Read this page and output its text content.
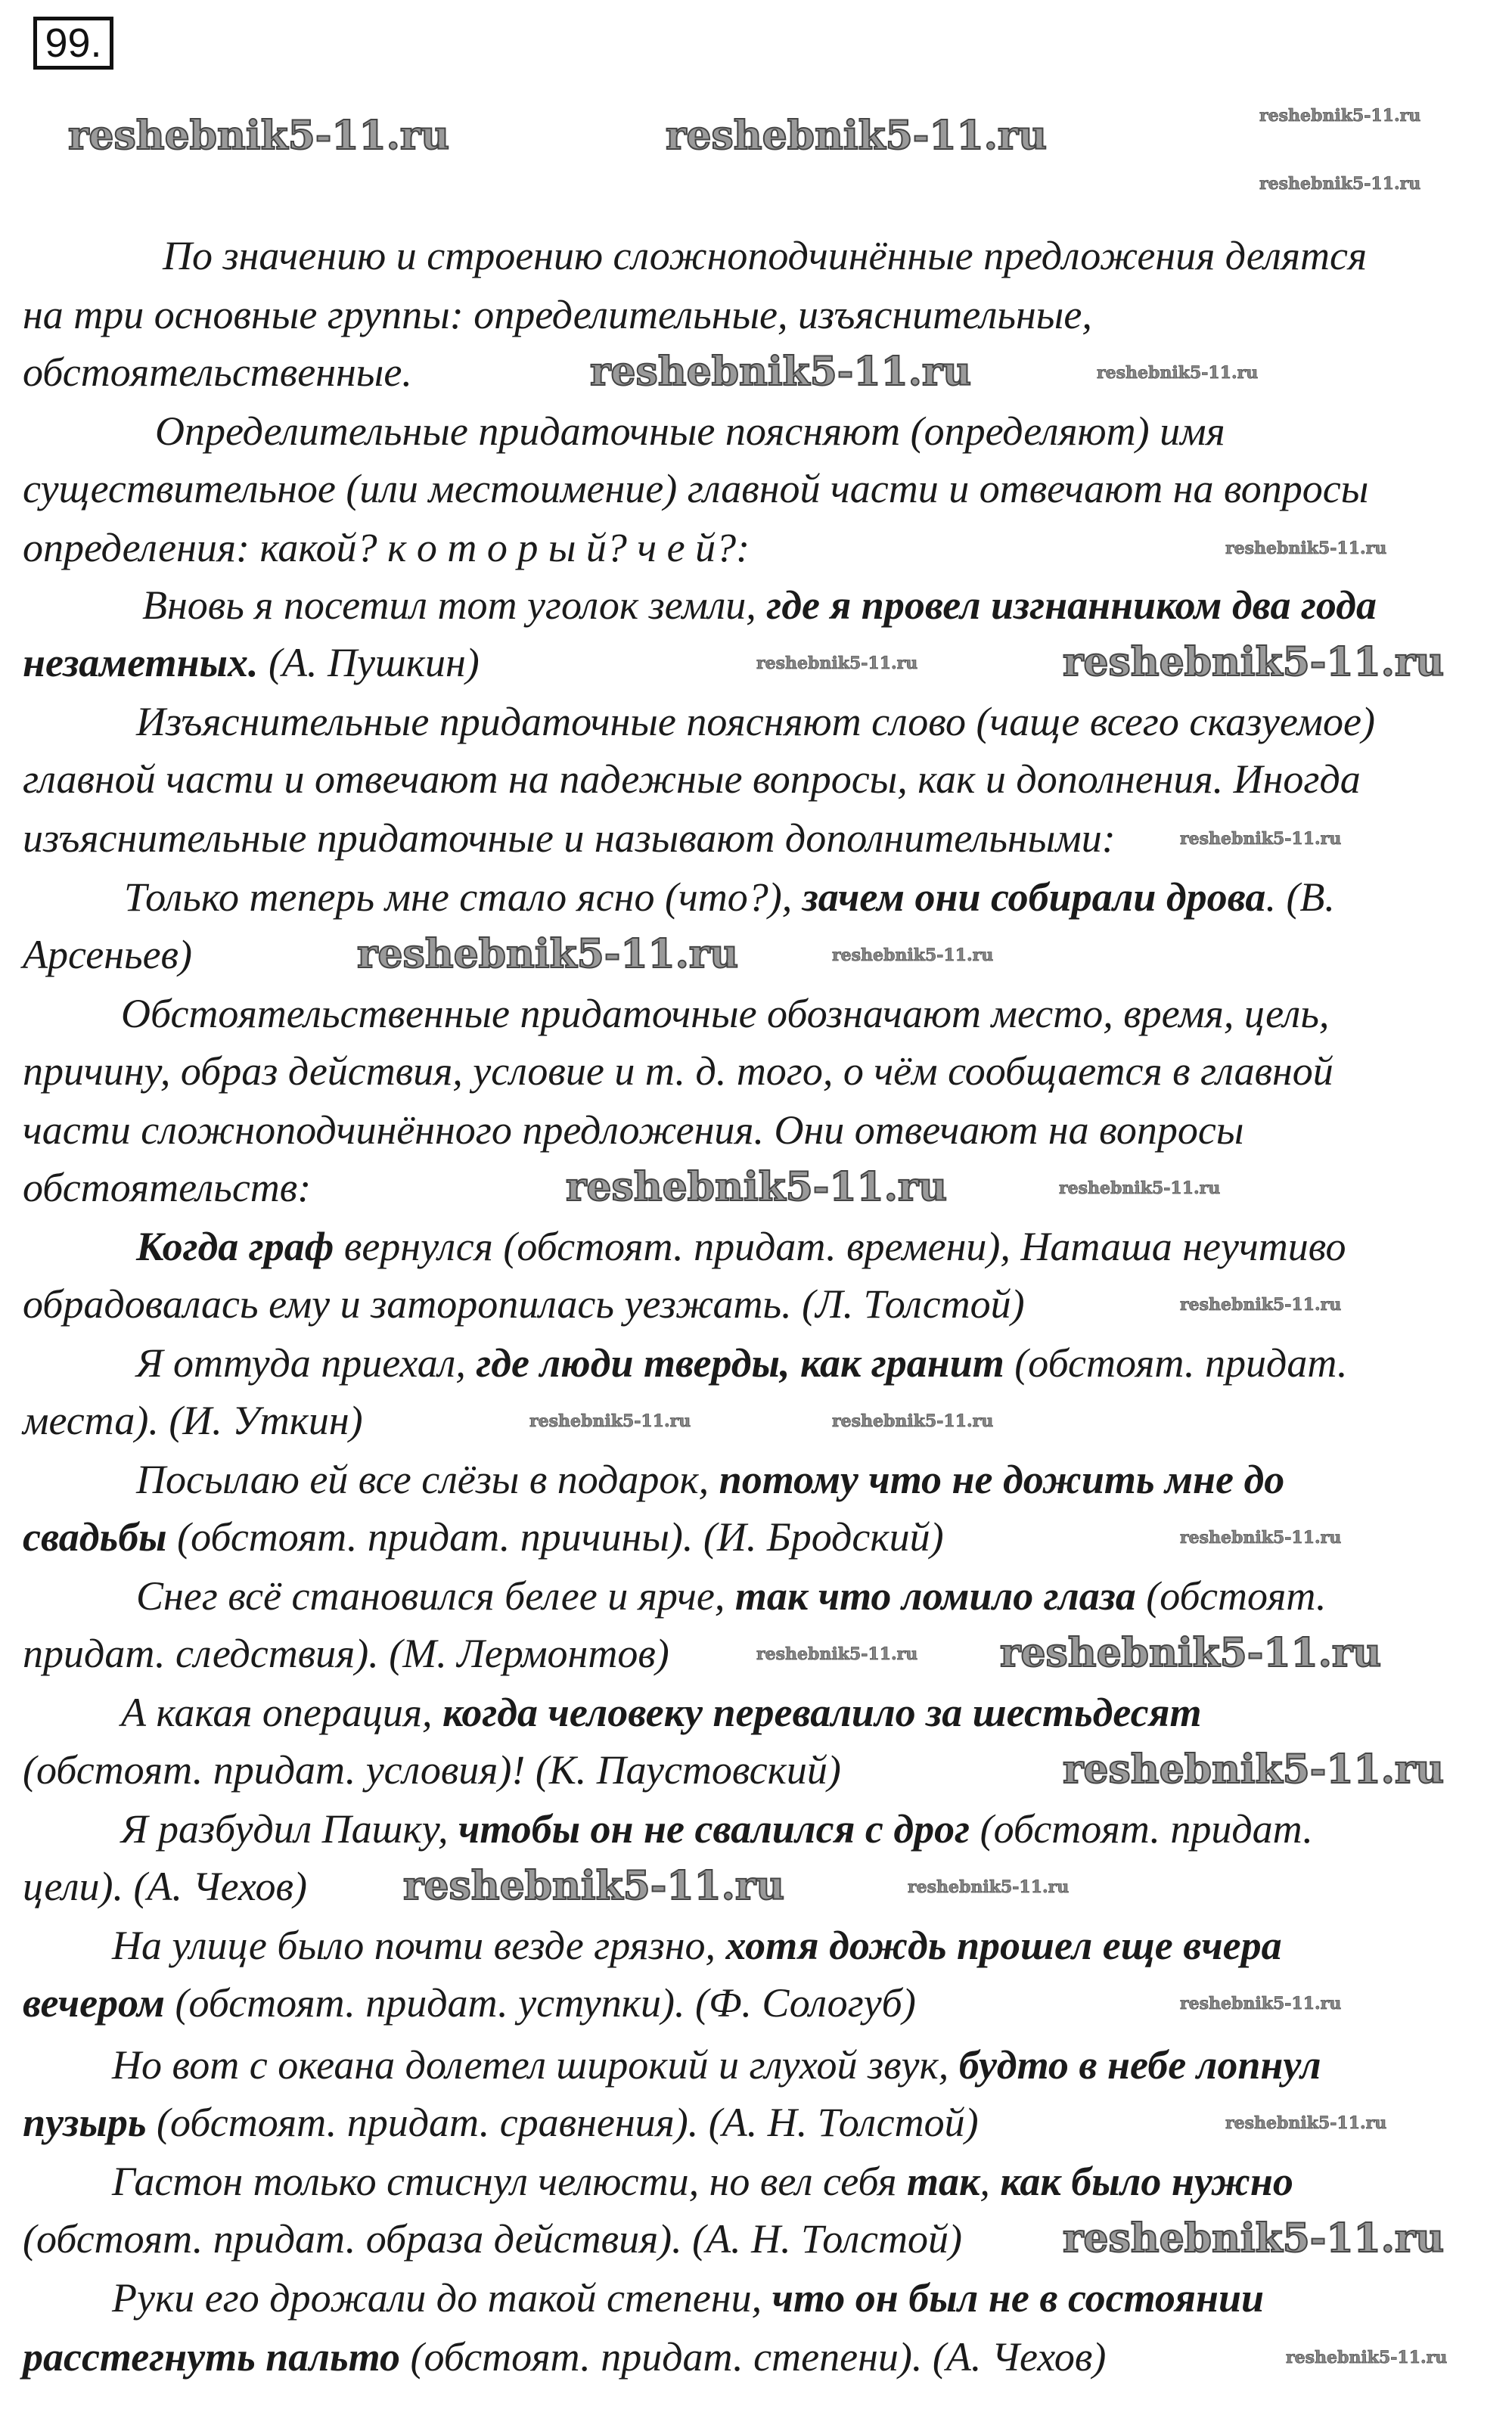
99.
По значению и строению сложноподчинённые предложения делятся
на три основные группы: определительные, изъяснительные,
обстоятельственные.
Определительные придаточные поясняют (определяют) имя
существительное (или местоимение) главной части и отвечают на вопросы
определения: какой? к о т о р ы й? ч е й?:
Вновь я посетил тот уголок земли, где я провел изгнанником два года
незаметных. (А. Пушкин)
Изъяснительные придаточные поясняют слово (чаще всего сказуемое)
главной части и отвечают на падежные вопросы, как и дополнения. Иногда
изъяснительные придаточные и называют дополнительными:
Только теперь мне стало ясно (что?), зачем они собирали дрова. (В.
Арсеньев)
Обстоятельственные придаточные обозначают место, время, цель,
причину, образ действия, условие и т. д. того, о чём сообщается в главной
части сложноподчинённого предложения. Они отвечают на вопросы
обстоятельств:
Когда граф вернулся (обстоят. придат. времени), Наташа неучтиво
обрадовалась ему и заторопилась уезжать. (Л. Толстой)
Я оттуда приехал, где люди тверды, как гранит (обстоят. придат.
места). (И. Уткин)
Посылаю ей все слёзы в подарок, потому что не дожить мне до
свадьбы (обстоят. придат. причины). (И. Бродский)
Снег всё становился белее и ярче, так что ломило глаза (обстоят.
придат. следствия). (М. Лермонтов)
А какая операция, когда человеку перевалило за шестьдесят
(обстоят. придат. условия)! (К. Паустовский)
Я разбудил Пашку, чтобы он не свалился с дрог (обстоят. придат.
цели). (А. Чехов)
На улице было почти везде грязно, хотя дождь прошел еще вчера
вечером (обстоят. придат. уступки). (Ф. Сологуб)
Но вот с океана долетел широкий и глухой звук, будто в небе лопнул
пузырь (обстоят. придат. сравнения). (А. Н. Толстой)
Гастон только стиснул челюсти, но вел себя так, как было нужно
(обстоят. придат. образа действия). (А. Н. Толстой)
Руки его дрожали до такой степени, что он был не в состоянии
расстегнуть пальто (обстоят. придат. степени). (А. Чехов)
reshebnik5-11.ru	reshebnik5-11.ru
reshebnik5-11.ru
reshebnik5-11.ru
reshebnik5-11.ru
reshebnik5-11.ru
reshebnik5-11.ru
reshebnik5-11.ru
reshebnik5-11.ru
reshebnik5-11.ru
reshebnik5-11.ru
reshebnik5-11.ru
reshebnik5-11.ru
reshebnik5-11.ru
reshebnik5-11.ru
reshebnik5-11.ru
reshebnik5-11.ru
reshebnik5-11.ru
reshebnik5-11.ru
reshebnik5-11.ru
reshebnik5-11.ru
reshebnik5-11.ru
reshebnik5-11.ru
reshebnik5-11.ru
reshebnik5-11.ru
reshebnik5-11.ru
reshebnik5-11.ru
